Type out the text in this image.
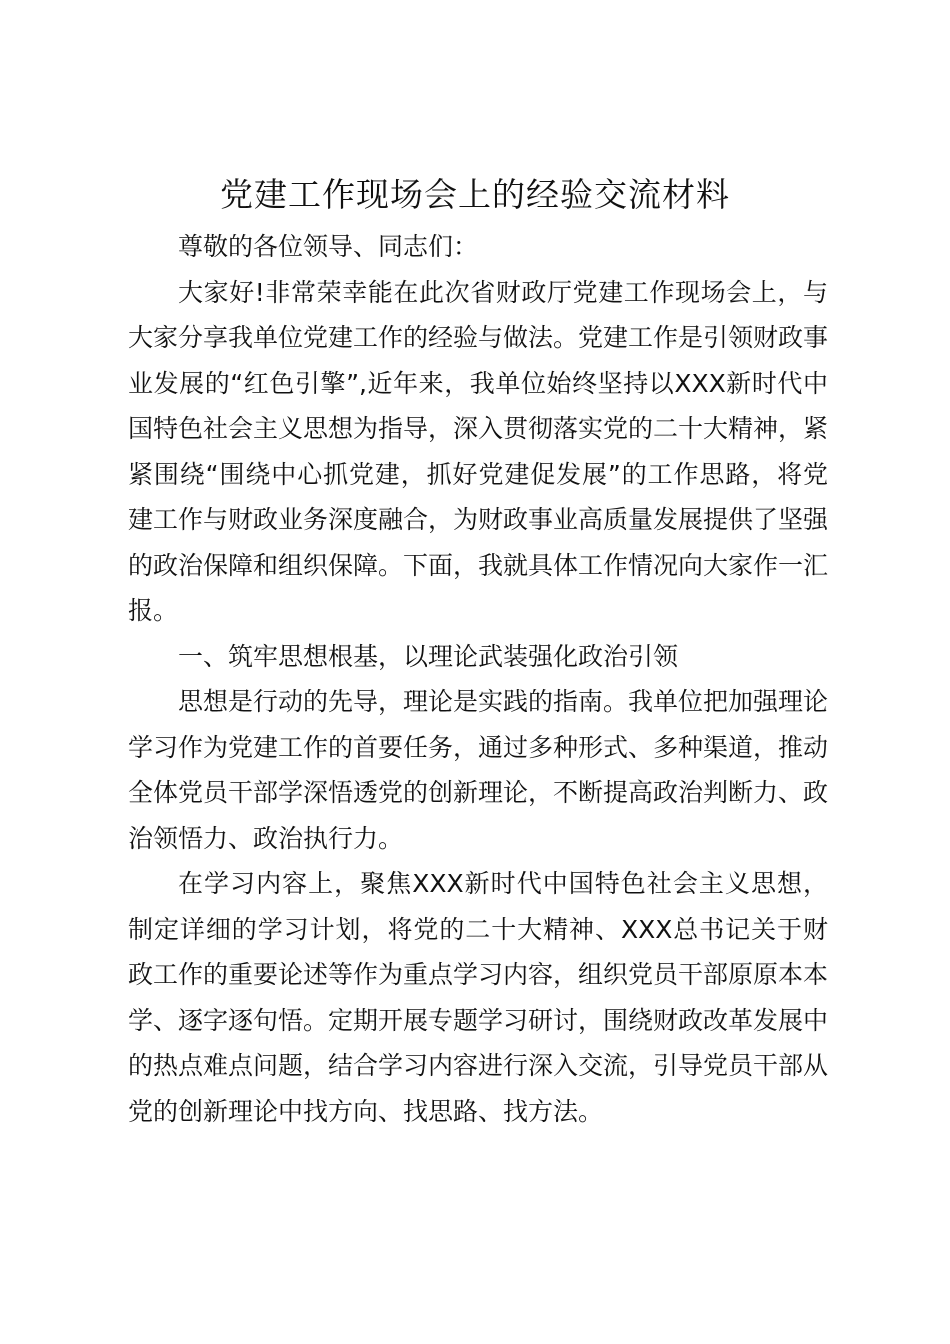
党建工作现场会上的经验交流材料

尊敬的各位领导、同志们：

大家好!非常荣幸能在此次省财政厅党建工作现场会上，与大家分享我单位党建工作的经验与做法。党建工作是引领财政事业发展的“红色引擎”,近年来，我单位始终坚持以XXX新时代中国特色社会主义思想为指导，深入贯彻落实党的二十大精神，紧紧围绕“围绕中心抓党建，抓好党建促发展”的工作思路，将党建工作与财政业务深度融合，为财政事业高质量发展提供了坚强的政治保障和组织保障。下面，我就具体工作情况向大家作一汇报。

一、筑牢思想根基，以理论武装强化政治引领

思想是行动的先导，理论是实践的指南。我单位把加强理论学习作为党建工作的首要任务，通过多种形式、多种渠道，推动全体党员干部学深悟透党的创新理论，不断提高政治判断力、政治领悟力、政治执行力。

在学习内容上，聚焦XXX新时代中国特色社会主义思想，制定详细的学习计划，将党的二十大精神、XXX总书记关于财政工作的重要论述等作为重点学习内容，组织党员干部原原本本学、逐字逐句悟。定期开展专题学习研讨，围绕财政改革发展中的热点难点问题，结合学习内容进行深入交流，引导党员干部从党的创新理论中找方向、找思路、找方法。
